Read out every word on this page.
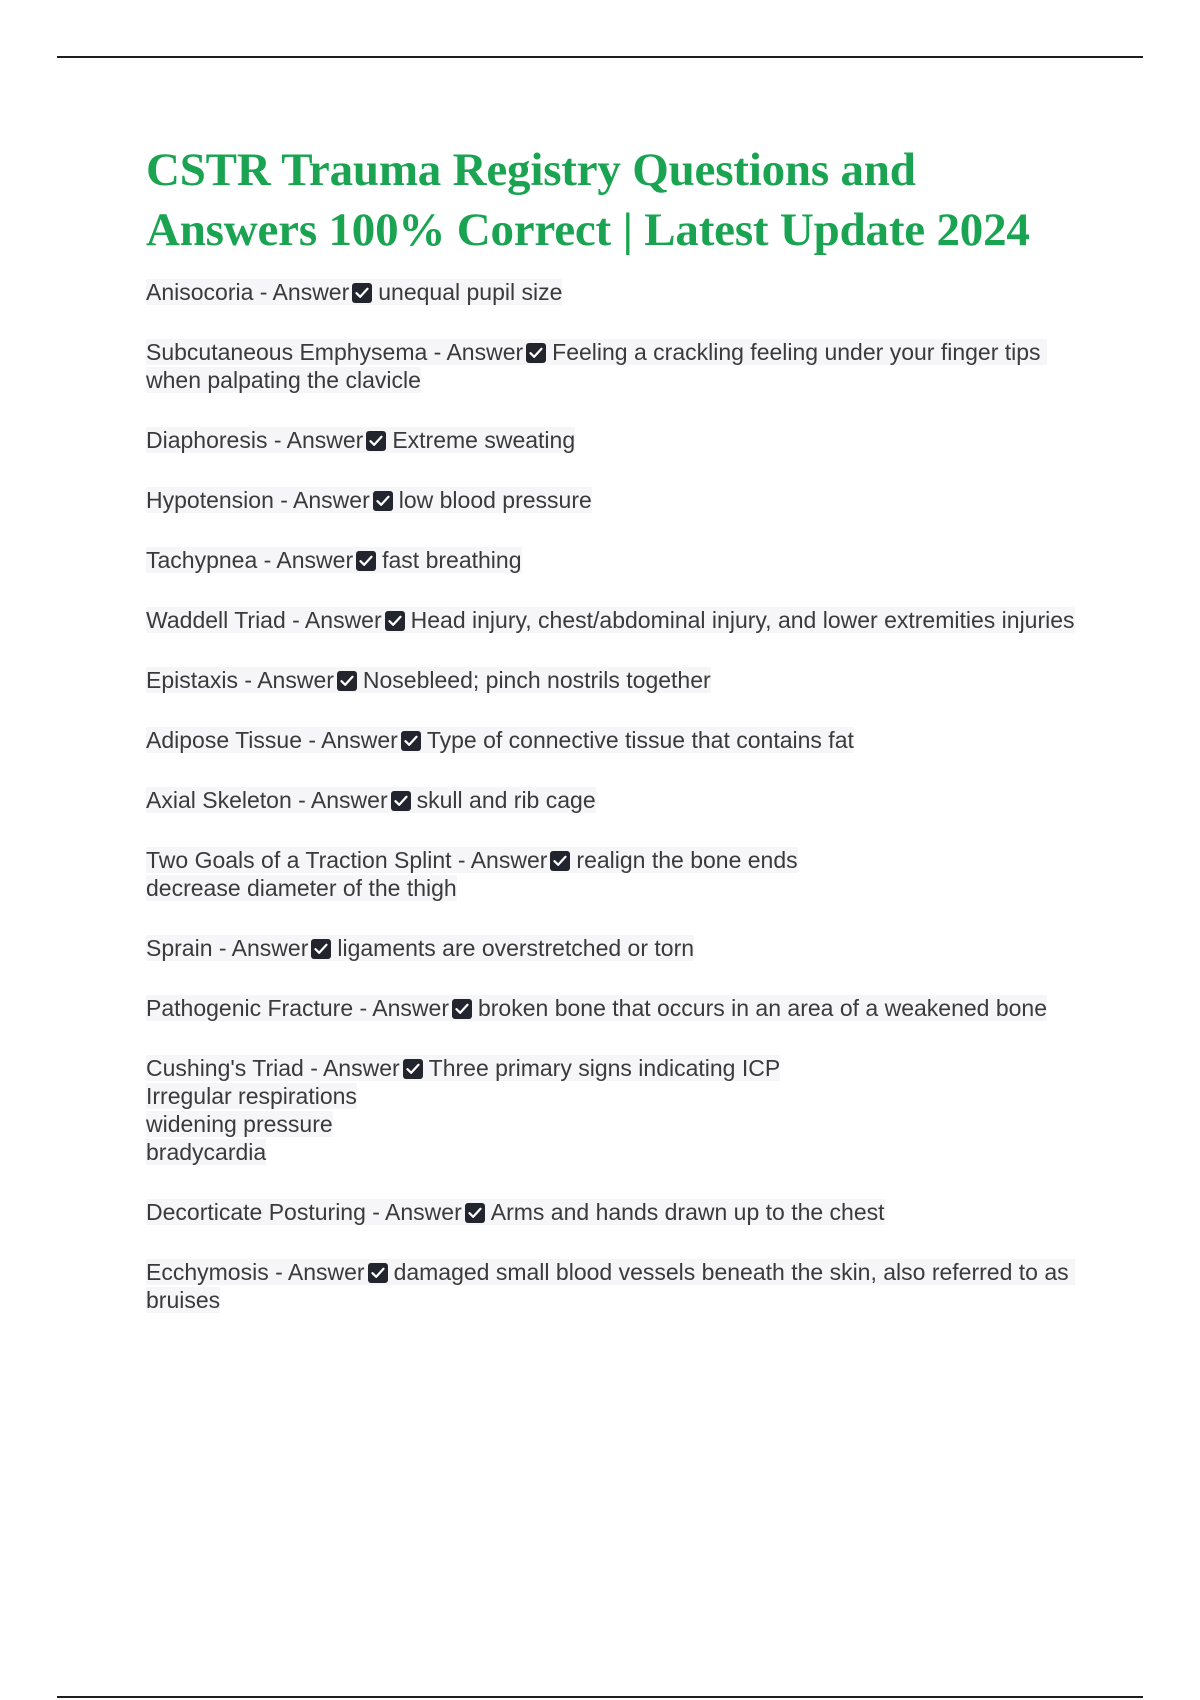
CSTR Trauma Registry Questions and Answers 100% Correct | Latest Update 2024

Anisocoria - Answer unequal pupil size

Subcutaneous Emphysema - Answer Feeling a crackling feeling under your finger tips when palpating the clavicle

Diaphoresis - Answer Extreme sweating

Hypotension - Answer low blood pressure

Tachypnea - Answer fast breathing

Waddell Triad - Answer Head injury, chest/abdominal injury, and lower extremities injuries

Epistaxis - Answer Nosebleed; pinch nostrils together

Adipose Tissue - Answer Type of connective tissue that contains fat

Axial Skeleton - Answer skull and rib cage

Two Goals of a Traction Splint - Answer realign the bone ends
decrease diameter of the thigh

Sprain - Answer ligaments are overstretched or torn

Pathogenic Fracture - Answer broken bone that occurs in an area of a weakened bone

Cushing's Triad - Answer Three primary signs indicating ICP
Irregular respirations
widening pressure
bradycardia

Decorticate Posturing - Answer Arms and hands drawn up to the chest

Ecchymosis - Answer damaged small blood vessels beneath the skin, also referred to as bruises
